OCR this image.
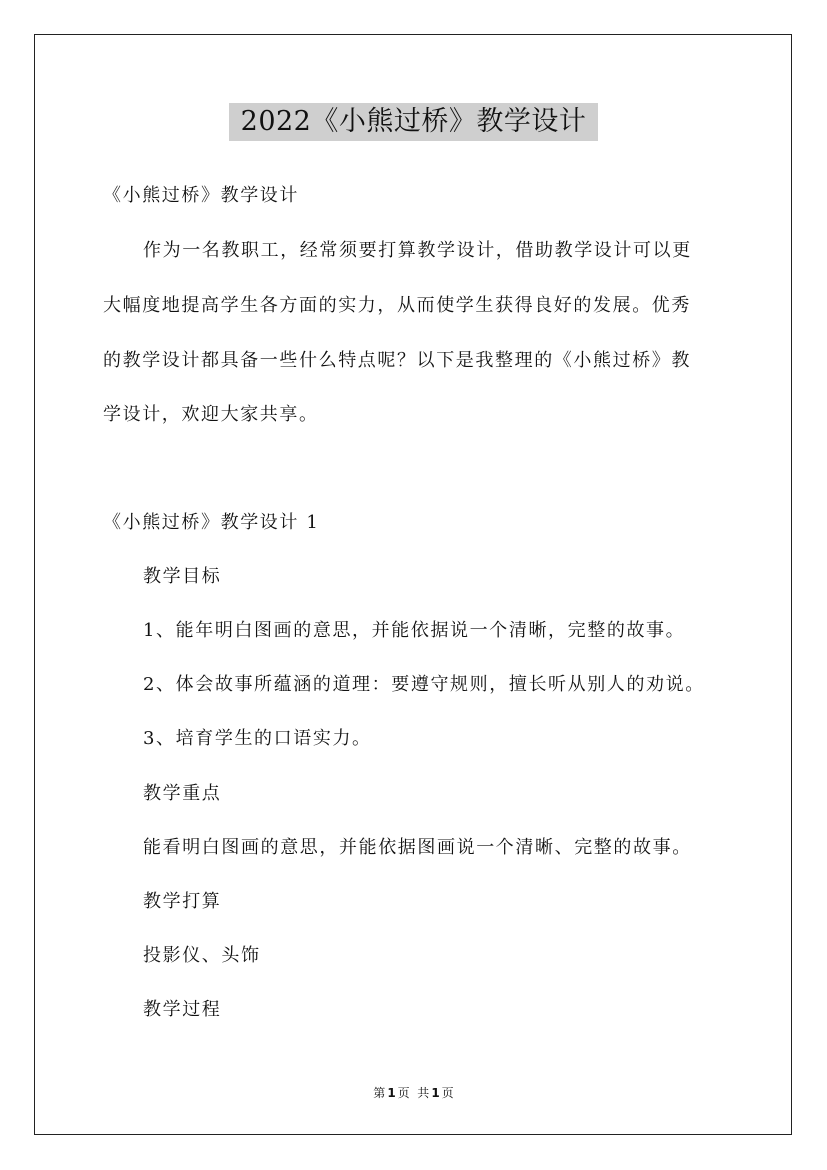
2022《小熊过桥》教学设计
《小熊过桥》教学设计
作为一名教职工，经常须要打算教学设计，借助教学设计可以更
大幅度地提高学生各方面的实力，从而使学生获得良好的发展。优秀
的教学设计都具备一些什么特点呢？以下是我整理的《小熊过桥》教
学设计，欢迎大家共享。
《小熊过桥》教学设计 1
教学目标
1、能年明白图画的意思，并能依据说一个清晰，完整的故事。
2、体会故事所蕴涵的道理：要遵守规则，擅长听从别人的劝说。
3、培育学生的口语实力。
教学重点
能看明白图画的意思，并能依据图画说一个清晰、完整的故事。
教学打算
投影仪、头饰
教学过程
第 1 页  共 1 页
